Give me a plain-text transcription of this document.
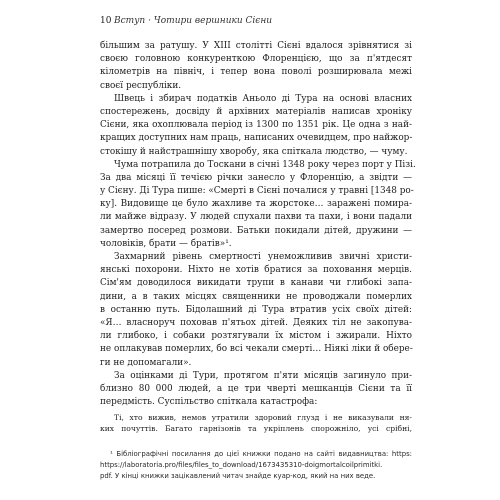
10 Вступ · Чотири вершники Сієни
більшим за ратушу. У XIII столітті Сієні вдалося зрівнятися зі
своєю головною конкуренткою Флоренцією, що за п'ятдесят
кілометрів на північ, і тепер вона поволі розширювала межі
своєї республіки.
Швець і збирач податків Аньоло ді Тура на основі власних
спостережень, досвіду й архівних матеріалів написав хроніку
Сієни, яка охоплювала період із 1300 по 1351 рік. Це одна з най-
кращих доступних нам праць, написаних очевидцем, про найжор-
стокішу й найстрашнішу хворобу, яка спіткала людство, — чуму.
Чума потрапила до Тоскани в січні 1348 року через порт у Пізі.
За два місяці її течією річки занесло у Флоренцію, а звідти —
у Сієну. Ді Тура пише: «Смерті в Сієні почалися у травні [1348 ро-
ку]. Видовище це було жахливе та жорстоке… заражені помира-
ли майже відразу. У людей спухали пахви та пахи, і вони падали
замертво посеред розмови. Батьки покидали дітей, дружини —
чоловіків, брати — братів»¹.
Захмарний рівень смертності унеможливив звичні христи-
янські похорони. Ніхто не хотів братися за поховання мерців.
Сім'ям доводилося викидати трупи в канави чи глибокі запа-
дини, а в таких місцях священники не проводжали померлих
в останню путь. Бідолашний ді Тура втратив усіх своїх дітей:
«Я… власноруч поховав п'ятьох дітей. Деяких тіл не закопува-
ли глибоко, і собаки розтягували їх містом і зжирали. Ніхто
не оплакував померлих, бо всі чекали смерті… Ніякі ліки й обере-
ги не допомагали».
За оцінками ді Тури, протягом п'яти місяців загинуло при-
близно 80 000 людей, а це три чверті мешканців Сієни та її
передмість. Суспільство спіткала катастрофа:
Ті, хто вижив, немов утратили здоровий глузд і не виказували ня-
ких почуттів. Багато гарнізонів та укріплень спорожніло, усі срібні,
¹ Бібліографічні посилання до цієї книжки подано на сайті видавництва: https:
https://laboratoria.pro/files/files_to_download/1673435310-doigmortalcoilprimitki.
pdf. У кінці книжки зацікавлений читач знайде куар-код, який на них веде.
